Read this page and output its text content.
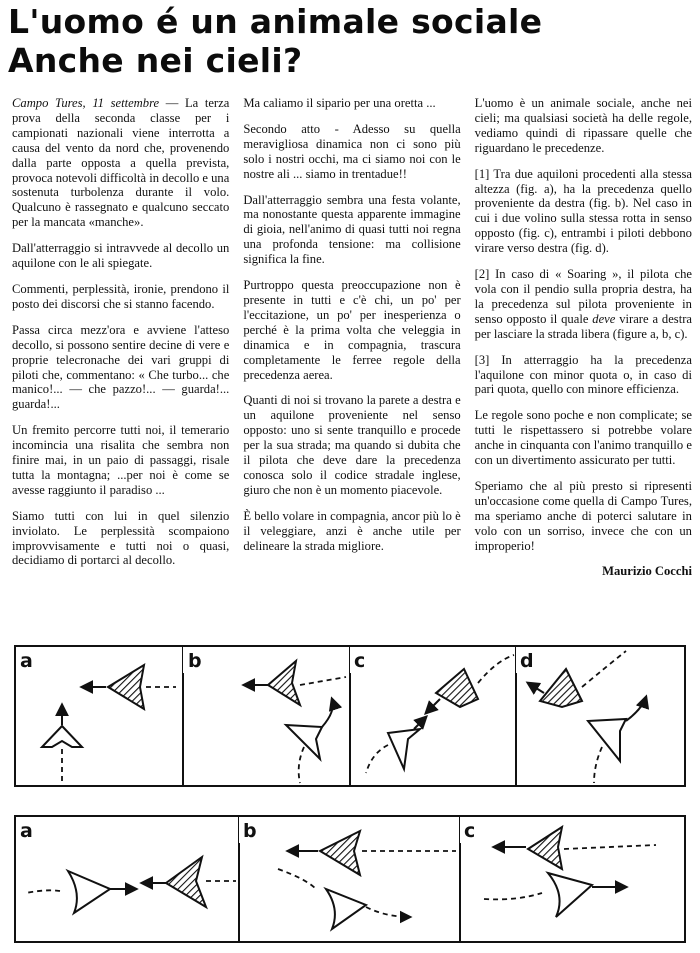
L'uomo é un animale sociale
Anche nei cieli?

Campo Tures, 11 settembre — La terza prova della seconda classe per i campionati nazionali viene interrotta a causa del vento da nord che, provenendo dalla parte opposta a quella prevista, provoca notevoli difficoltà in decollo e una sostenuta turbolenza durante il volo. Qualcuno è rassegnato e qualcuno seccato per la mancata «manche».

Dall'atterraggio si intravvede al decollo un aquilone con le ali spiegate.

Commenti, perplessità, ironie, prendono il posto dei discorsi che si stanno facendo.

Passa circa mezz'ora e avviene l'atteso decollo, si possono sentire decine di vere e proprie telecronache dei vari gruppi di piloti che, commentano: « Che turbo... che manico!... — che pazzo!... — guarda!... guarda!...

Un fremito percorre tutti noi, il temerario incomincia una risalita che sembra non finire mai, in un paio di passaggi, risale tutta la montagna; ...per noi è come se avesse raggiunto il paradiso ...

Siamo tutti con lui in quel silenzio inviolato. Le perplessità scompaiono improvvisamente e tutti noi o quasi, decidiamo di portarci al decollo.

Ma caliamo il sipario per una oretta ...

Secondo atto - Adesso su quella meravigliosa dinamica non ci sono più solo i nostri occhi, ma ci siamo noi con le nostre ali ... siamo in trentadue!!

Dall'atterraggio sembra una festa volante, ma nonostante questa apparente immagine di gioia, nell'animo di quasi tutti noi regna una profonda tensione: ma collisione significa la fine.

Purtroppo questa preoccupazione non è presente in tutti e c'è chi, un po' per l'eccitazione, un po' per inesperienza o perché è la prima volta che veleggia in dinamica e in compagnia, trascura completamente le ferree regole della precedenza aerea.

Quanti di noi si trovano la parete a destra e un aquilone proveniente nel senso opposto: uno si sente tranquillo e procede per la sua strada; ma quando si dubita che il pilota che deve dare la precedenza conosca solo il codice stradale inglese, giuro che non è un momento piacevole.

È bello volare in compagnia, ancor più lo è il veleggiare, anzi è anche utile per delineare la strada migliore.

L'uomo è un animale sociale, anche nei cieli; ma qualsiasi società ha delle regole, vediamo quindi di ripassare quelle che riguardano le precedenze.

[1] Tra due aquiloni procedenti alla stessa altezza (fig. a), ha la precedenza quello proveniente da destra (fig. b). Nel caso in cui i due volino sulla stessa rotta in senso opposto (fig. c), entrambi i piloti debbono virare verso destra (fig. d).

[2] In caso di « Soaring », il pilota che vola con il pendio sulla propria destra, ha la precedenza sul pilota proveniente in senso opposto il quale deve virare a destra per lasciare la strada libera (figure a, b, c).

[3] In atterraggio ha la precedenza l'aquilone con minor quota o, in caso di pari quota, quello con minore efficienza.

Le regole sono poche e non complicate; se tutti le rispettassero si potrebbe volare anche in cinquanta con l'animo tranquillo e con un divertimento assicurato per tutti.

Speriamo che al più presto si ripresenti un'occasione come quella di Campo Tures, ma speriamo anche di poterci salutare in volo con un sorriso, invece che con un improperio!

Maurizio Cocchi

a	b	c	d
a	b	c
